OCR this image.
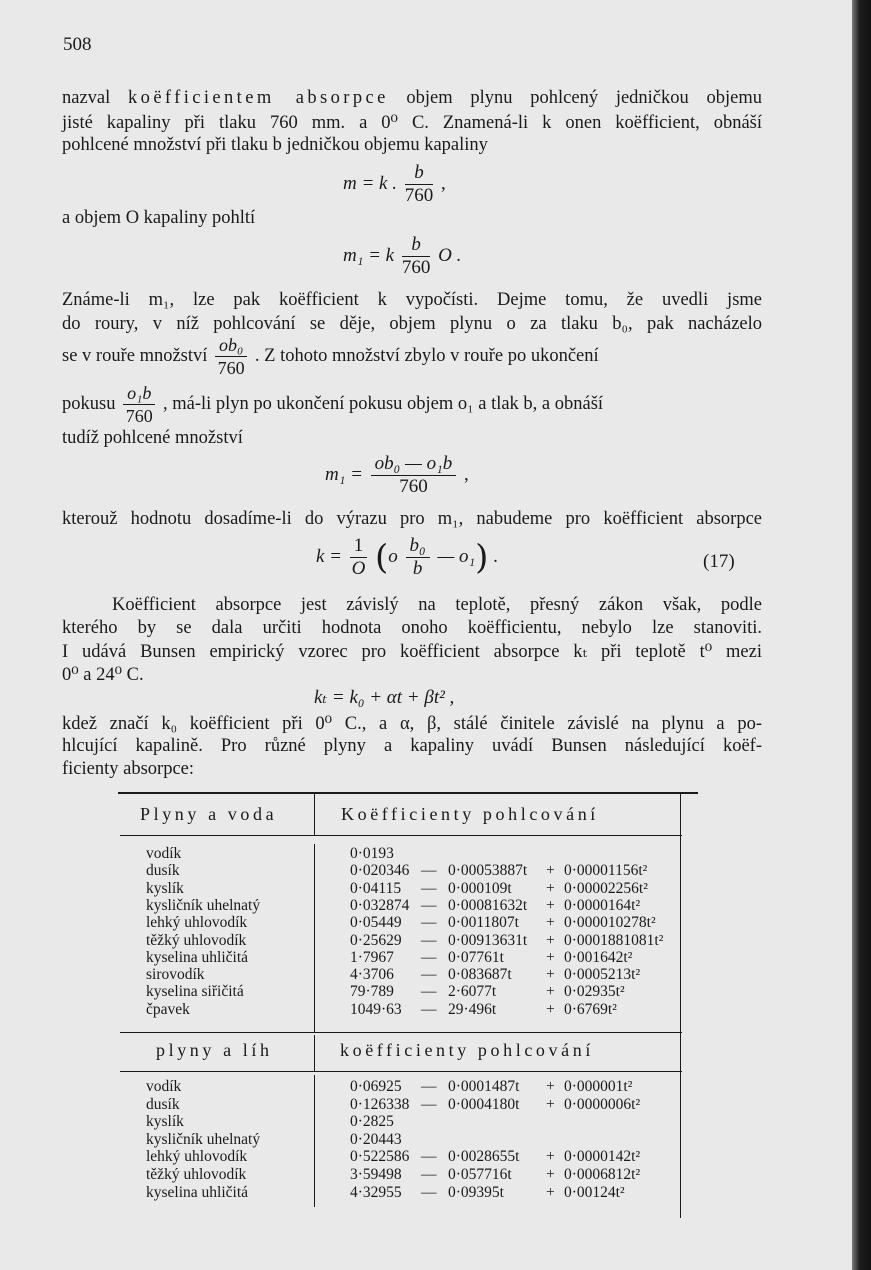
508
nazval koëfficientem absorpce objem plynu pohlcený jedničkou objemu
jisté kapaliny při tlaku 760 mm. a 0⁰ C. Znamená-li k onen koëfficient, obnáší
pohlcené množství při tlaku b jedničkou objemu kapaliny
m = k . $\frac{b}{760}$ ,
a objem O kapaliny pohltí
m₁ = k $\frac{b}{760}$ O .
Známe-li m₁, lze pak koëfficient k vypočísti. Dejme tomu, že uvedli jsme
do roury, v níž pohlcování se děje, objem plynu o za tlaku b₀, pak nacházelo
se v rouře množství $\frac{\text{ob₀}}{760}$ . Z tohoto množství zbylo v rouře po ukončení
pokusu $\frac{\text{o₁b}}{760}$ , má-li plyn po ukončení pokusu objem o₁ a tlak b, a obnáší
tudíž pohlcené množství
$m_1 = \frac{\text{ob₀ — o₁b}}{760}$ ,
kterouž hodnotu dosadíme-li do výrazu pro m₁, nabudeme pro koëfficient absorpce
$k = \frac{1}{O} (o \frac{\text{b₀}}{b}$ — o₁) .	(17)
Koëfficient absorpce jest závislý na teplotě, přesný zákon však, podle
kterého by se dala určiti hodnota onoho koëfficientu, nebylo lze stanoviti.
I udává Bunsen empirický vzorec pro koëfficient absorpce kₜ při teplotě t⁰ mezi
0⁰ a 24⁰ C.
kₜ = k₀ + αt + βt² ,
kdež značí k₀ koëfficient při 0⁰ C., a α, β, stálé činitele závislé na plynu a po-
hlcující kapalině. Pro různé plyny a kapaliny uvádí Bunsen následující koëf-
ficienty absorpce:
Plyny a voda	Koëfficienty pohlcování
vodík	0·0193
dusík	0·020346 — 0·00053887t + 0·00001156t²
kyslík	0·04115 — 0·000109t + 0·00002256t²
kysličník uhelnatý	0·032874 — 0·00081632t + 0·0000164t²
lehký uhlovodík	0·05449 — 0·0011807t + 0·000010278t²
těžký uhlovodík	0·25629 — 0·00913631t + 0·0001881081t²
kyselina uhličitá	1·7967 — 0·07761t	+ 0·001642t²
sirovodík	4·3706 — 0·083687t + 0·0005213t²
kyselina siřičitá	79·789 — 2·6077t	+ 0·02935t²
čpavek	1049·63 — 29·496t	+ 0·6769t²
plyny a líh	koëfficienty pohlcování
vodík	0·06925 — 0·0001487t + 0·000001t²
dusík	0·126338 — 0·0004180t + 0·0000006t²
kyslík	0·2825
kysličník uhelnatý	0·20443
lehký uhlovodík	0·522586 — 0·0028655t + 0·0000142t²
těžký uhlovodík	3·59498 — 0·057716t + 0·0006812t²
kyselina uhličitá	4·32955 — 0·09395t	+ 0·00124t²
